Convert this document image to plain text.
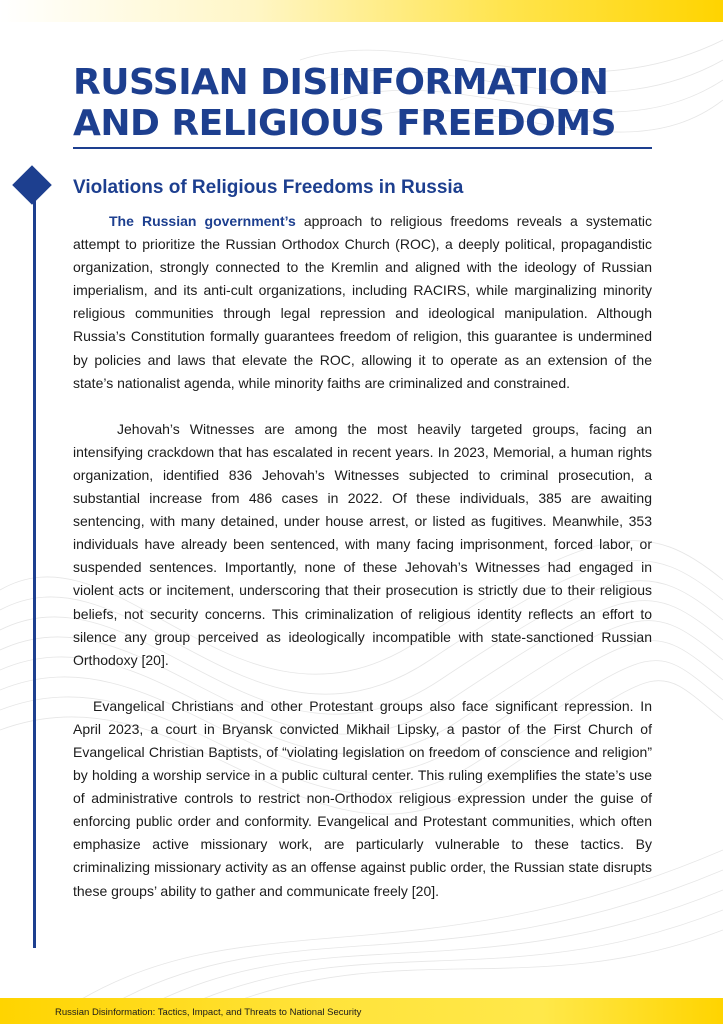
RUSSIAN DISINFORMATION AND RELIGIOUS FREEDOMS
Violations of Religious Freedoms in Russia

The Russian government’s approach to religious freedoms reveals a systematic attempt to prioritize the Russian Orthodox Church (ROC), a deeply political, propagandistic organization, strongly connected to the Kremlin and aligned with the ideology of Russian imperialism, and its anti-cult organizations, including RACIRS, while marginalizing minority religious communities through legal repression and ideological manipulation. Although Russia’s Constitution formally guarantees freedom of religion, this guarantee is undermined by policies and laws that elevate the ROC, allowing it to operate as an extension of the state’s nationalist agenda, while minority faiths are criminalized and constrained.

Jehovah’s Witnesses are among the most heavily targeted groups, facing an intensifying crackdown that has escalated in recent years. In 2023, Memorial, a human rights organization, identified 836 Jehovah’s Witnesses subjected to criminal prosecution, a substantial increase from 486 cases in 2022. Of these individuals, 385 are awaiting sentencing, with many detained, under house arrest, or listed as fugitives. Meanwhile, 353 individuals have already been sentenced, with many facing imprisonment, forced labor, or suspended sentences. Importantly, none of these Jehovah’s Witnesses had engaged in violent acts or incitement, underscoring that their prosecution is strictly due to their religious beliefs, not security concerns. This criminalization of religious identity reflects an effort to silence any group perceived as ideologically incompatible with state-sanctioned Russian Orthodoxy [20].

Evangelical Christians and other Protestant groups also face significant repression. In April 2023, a court in Bryansk convicted Mikhail Lipsky, a pastor of the First Church of Evangelical Christian Baptists, of “violating legislation on freedom of conscience and religion” by holding a worship service in a public cultural center. This ruling exemplifies the state’s use of administrative controls to restrict non-Orthodox religious expression under the guise of enforcing public order and conformity. Evangelical and Protestant communities, which often emphasize active missionary work, are particularly vulnerable to these tactics. By criminalizing missionary activity as an offense against public order, the Russian state disrupts these groups’ ability to gather and communicate freely [20].

Russian Disinformation: Tactics, Impact, and Threats to National Security
